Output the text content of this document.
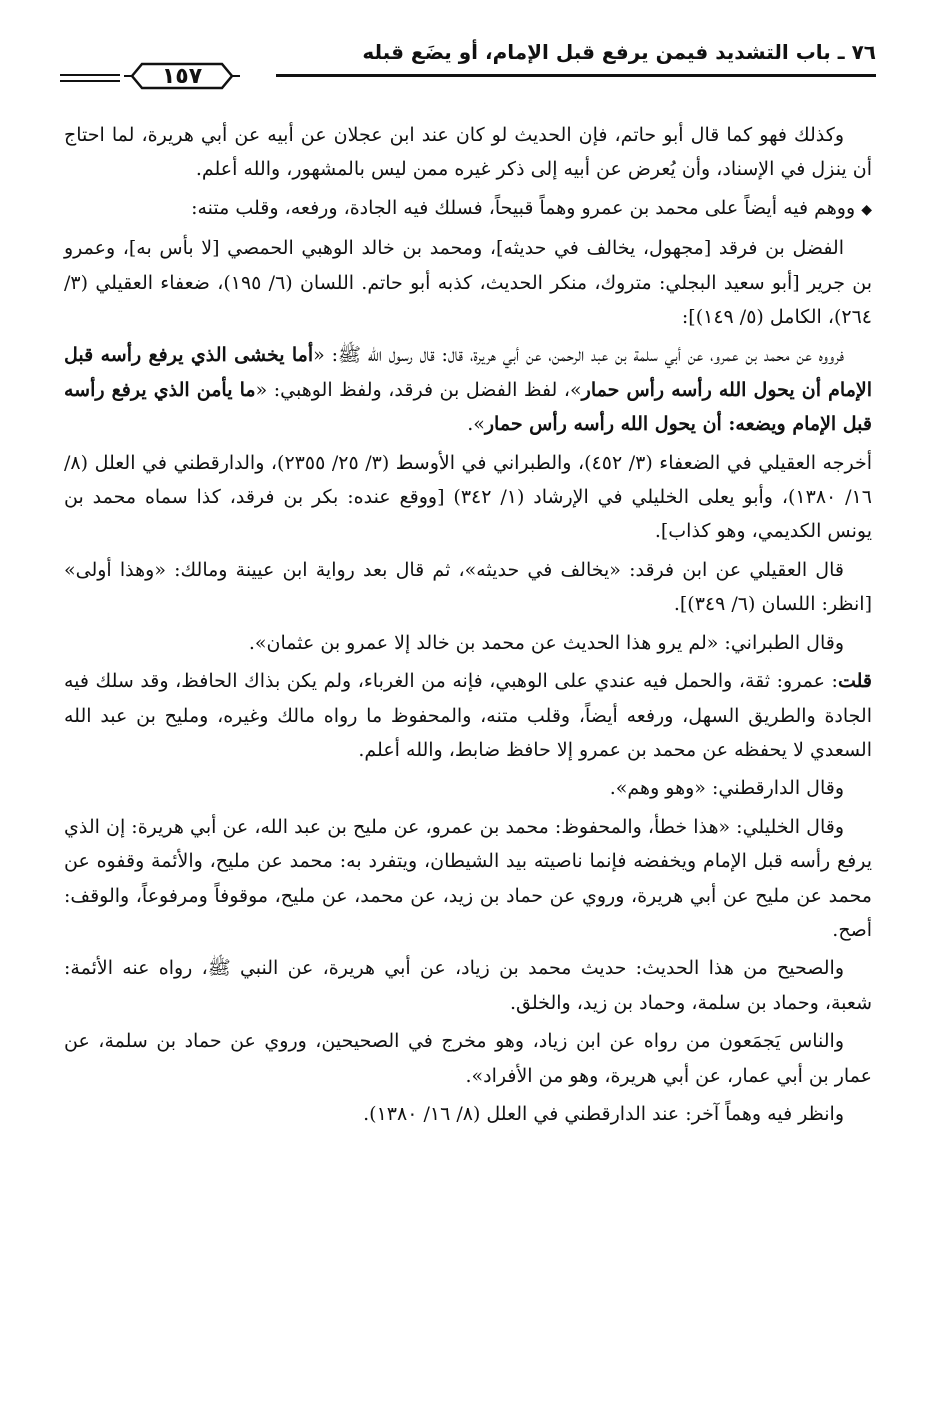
٧٦ ـ باب التشديد فيمن يرفع قبل الإمام، أو يضَع قبله
١٥٧

وكذلك فهو كما قال أبو حاتم، فإن الحديث لو كان عند ابن عجلان عن أبيه عن أبي هريرة، لما احتاج أن ينزل في الإسناد، وأن يُعرض عن أبيه إلى ذكر غيره ممن ليس بالمشهور، والله أعلم.

◆ ووهم فيه أيضاً على محمد بن عمرو وهماً قبيحاً، فسلك فيه الجادة، ورفعه، وقلب متنه:

الفضل بن فرقد [مجهول، يخالف في حديثه]، ومحمد بن خالد الوهبي الحمصي [لا بأس به]، وعمرو بن جرير [أبو سعيد البجلي: متروك، منكر الحديث، كذبه أبو حاتم. اللسان (٦/ ١٩٥)، ضعفاء العقيلي (٣/ ٢٦٤)، الكامل (٥/ ١٤٩)]:

فرووه عن محمد بن عمرو، عن أبي سلمة بن عبد الرحمن، عن أبي هريرة، قال: قال رسول الله ﷺ: «أما يخشى الذي يرفع رأسه قبل الإمام أن يحول الله رأسه رأس حمار»، لفظ الفضل بن فرقد، ولفظ الوهبي: «ما يأمن الذي يرفع رأسه قبل الإمام ويضعه: أن يحول الله رأسه رأس حمار».

أخرجه العقيلي في الضعفاء (٣/ ٤٥٢)، والطبراني في الأوسط (٣/ ٢٥/ ٢٣٥٥)، والدارقطني في العلل (٨/ ١٦/ ١٣٨٠)، وأبو يعلى الخليلي في الإرشاد (١/ ٣٤٢) [ووقع عنده: بكر بن فرقد، كذا سماه محمد بن يونس الكديمي، وهو كذاب].

قال العقيلي عن ابن فرقد: «يخالف في حديثه»، ثم قال بعد رواية ابن عيينة ومالك: «وهذا أولى» [انظر: اللسان (٦/ ٣٤٩)].

وقال الطبراني: «لم يرو هذا الحديث عن محمد بن خالد إلا عمرو بن عثمان».

قلت: عمرو: ثقة، والحمل فيه عندي على الوهبي، فإنه من الغرباء، ولم يكن بذاك الحافظ، وقد سلك فيه الجادة والطريق السهل، ورفعه أيضاً، وقلب متنه، والمحفوظ ما رواه مالك وغيره، ومليح بن عبد الله السعدي لا يحفظه عن محمد بن عمرو إلا حافظ ضابط، والله أعلم.

وقال الدارقطني: «وهو وهم».

وقال الخليلي: «هذا خطأ، والمحفوظ: محمد بن عمرو، عن مليح بن عبد الله، عن أبي هريرة: إن الذي يرفع رأسه قبل الإمام ويخفضه فإنما ناصيته بيد الشيطان، ويتفرد به: محمد عن مليح، والأئمة وقفوه عن محمد عن مليح عن أبي هريرة، وروي عن حماد بن زيد، عن محمد، عن مليح، موقوفاً ومرفوعاً، والوقف: أصح.

والصحيح من هذا الحديث: حديث محمد بن زياد، عن أبي هريرة، عن النبي ﷺ، رواه عنه الأئمة: شعبة، وحماد بن سلمة، وحماد بن زيد، والخلق.

والناس يَجمَعون من رواه عن ابن زياد، وهو مخرج في الصحيحين، وروي عن حماد بن سلمة، عن عمار بن أبي عمار، عن أبي هريرة، وهو من الأفراد».

وانظر فيه وهماً آخر: عند الدارقطني في العلل (٨/ ١٦/ ١٣٨٠).
